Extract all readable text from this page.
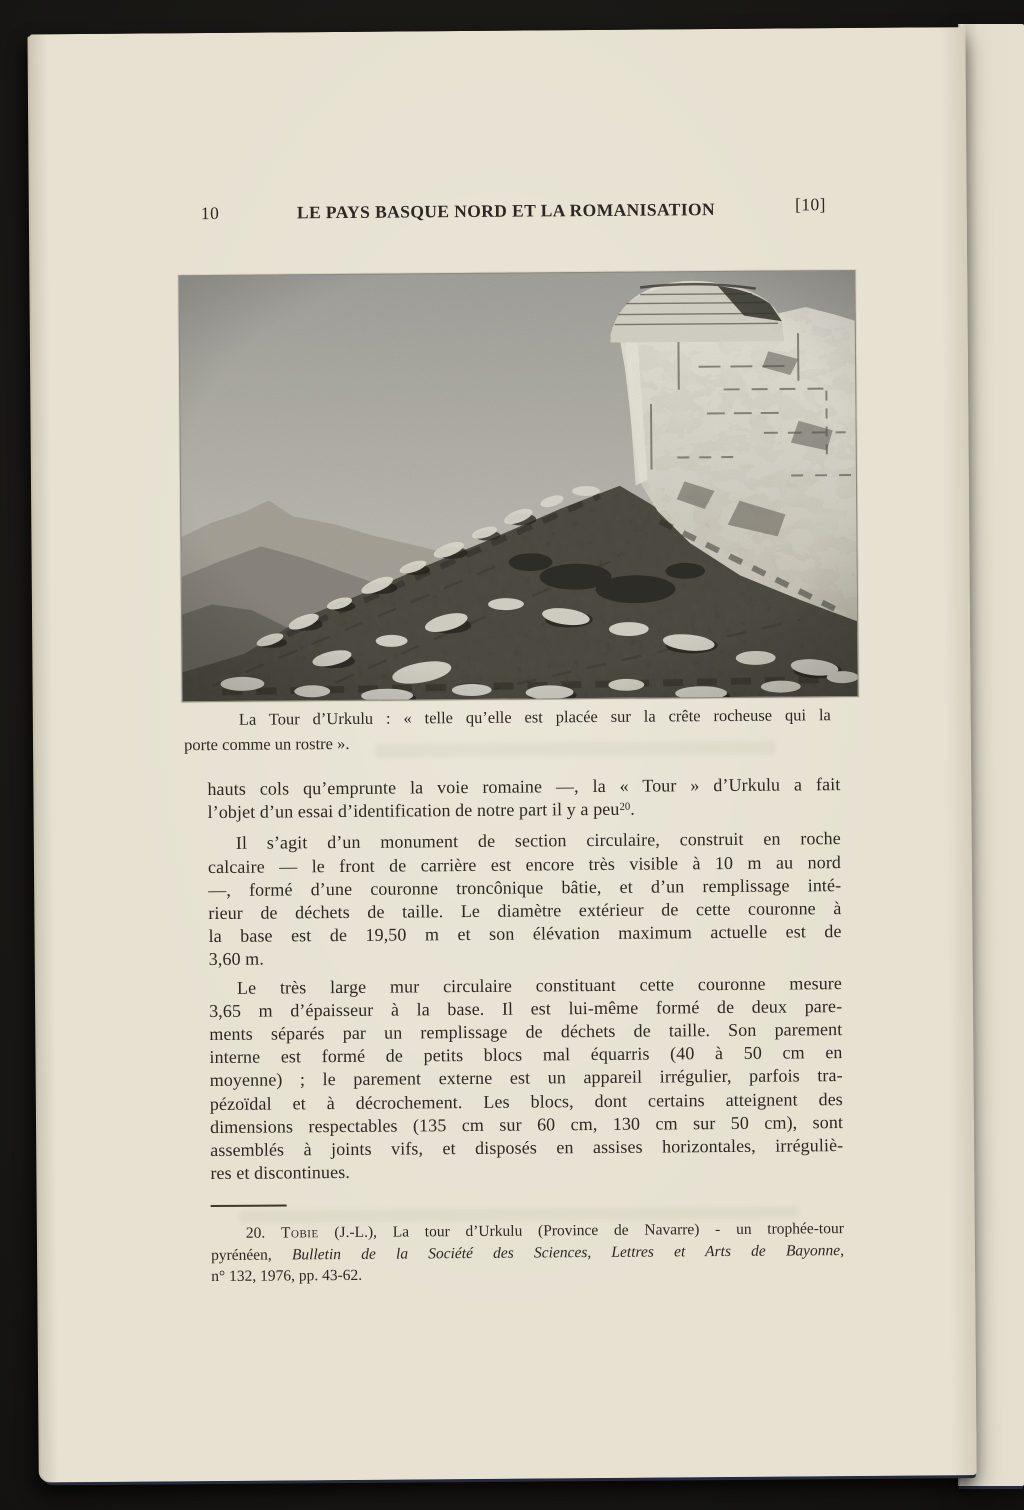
10	LE PAYS BASQUE NORD ET LA ROMANISATION	[10]
La Tour d’Urkulu : « telle qu’elle est placée sur la crête rocheuse qui la
porte comme un rostre ».
hauts cols qu’emprunte la voie romaine —, la « Tour » d’Urkulu a fait
l’objet d’un essai d’identification de notre part il y a peu$^{20}$.
Il s’agit d’un monument de section circulaire, construit en roche
calcaire — le front de carrière est encore très visible à 10 m au nord
—, formé d’une couronne troncônique bâtie, et d’un remplissage inté-
rieur de déchets de taille. Le diamètre extérieur de cette couronne à
la base est de 19,50 m et son élévation maximum actuelle est de
3,60 m.
Le très large mur circulaire constituant cette couronne mesure
3,65 m d’épaisseur à la base. Il est lui-même formé de deux pare-
ments séparés par un remplissage de déchets de taille. Son parement
interne est formé de petits blocs mal équarris (40 à 50 cm en
moyenne) ; le parement externe est un appareil irrégulier, parfois tra-
pézoïdal et à décrochement. Les blocs, dont certains atteignent des
dimensions respectables (135 cm sur 60 cm, 130 cm sur 50 cm), sont
assemblés à joints vifs, et disposés en assises horizontales, irréguliè-
res et discontinues.
20. Tobie (J.-L.), La tour d’Urkulu (Province de Navarre) - un trophée-tour
pyrénéen, Bulletin de la Société des Sciences, Lettres et Arts de Bayonne,
n° 132, 1976, pp. 43-62.
